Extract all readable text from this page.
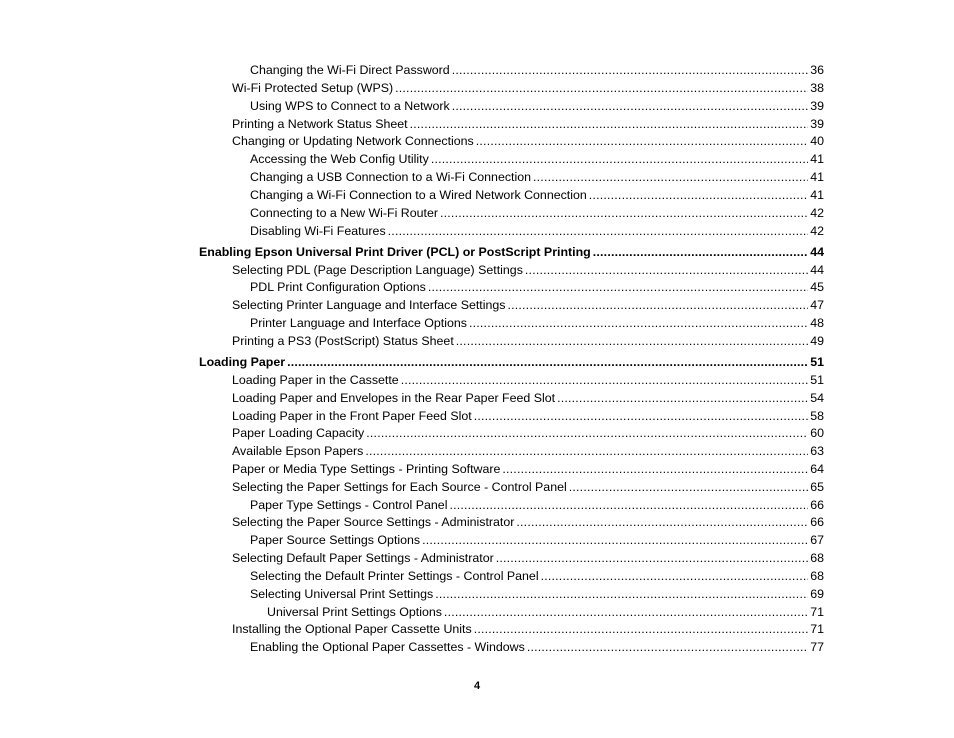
Changing the Wi-Fi Direct Password .....	36
Wi-Fi Protected Setup (WPS) .....	38
Using WPS to Connect to a Network .....	39
Printing a Network Status Sheet .....	39
Changing or Updating Network Connections .....	40
Accessing the Web Config Utility .....	41
Changing a USB Connection to a Wi-Fi Connection .....	41
Changing a Wi-Fi Connection to a Wired Network Connection .....	41
Connecting to a New Wi-Fi Router .....	42
Disabling Wi-Fi Features .....	42
Enabling Epson Universal Print Driver (PCL) or PostScript Printing .....	44
Selecting PDL (Page Description Language) Settings .....	44
PDL Print Configuration Options .....	45
Selecting Printer Language and Interface Settings .....	47
Printer Language and Interface Options .....	48
Printing a PS3 (PostScript) Status Sheet .....	49
Loading Paper .....	51
Loading Paper in the Cassette .....	51
Loading Paper and Envelopes in the Rear Paper Feed Slot .....	54
Loading Paper in the Front Paper Feed Slot .....	58
Paper Loading Capacity .....	60
Available Epson Papers .....	63
Paper or Media Type Settings - Printing Software .....	64
Selecting the Paper Settings for Each Source - Control Panel .....	65
Paper Type Settings - Control Panel .....	66
Selecting the Paper Source Settings - Administrator .....	66
Paper Source Settings Options .....	67
Selecting Default Paper Settings - Administrator .....	68
Selecting the Default Printer Settings - Control Panel .....	68
Selecting Universal Print Settings .....	69
Universal Print Settings Options .....	71
Installing the Optional Paper Cassette Units .....	71
Enabling the Optional Paper Cassettes - Windows .....	77
4
